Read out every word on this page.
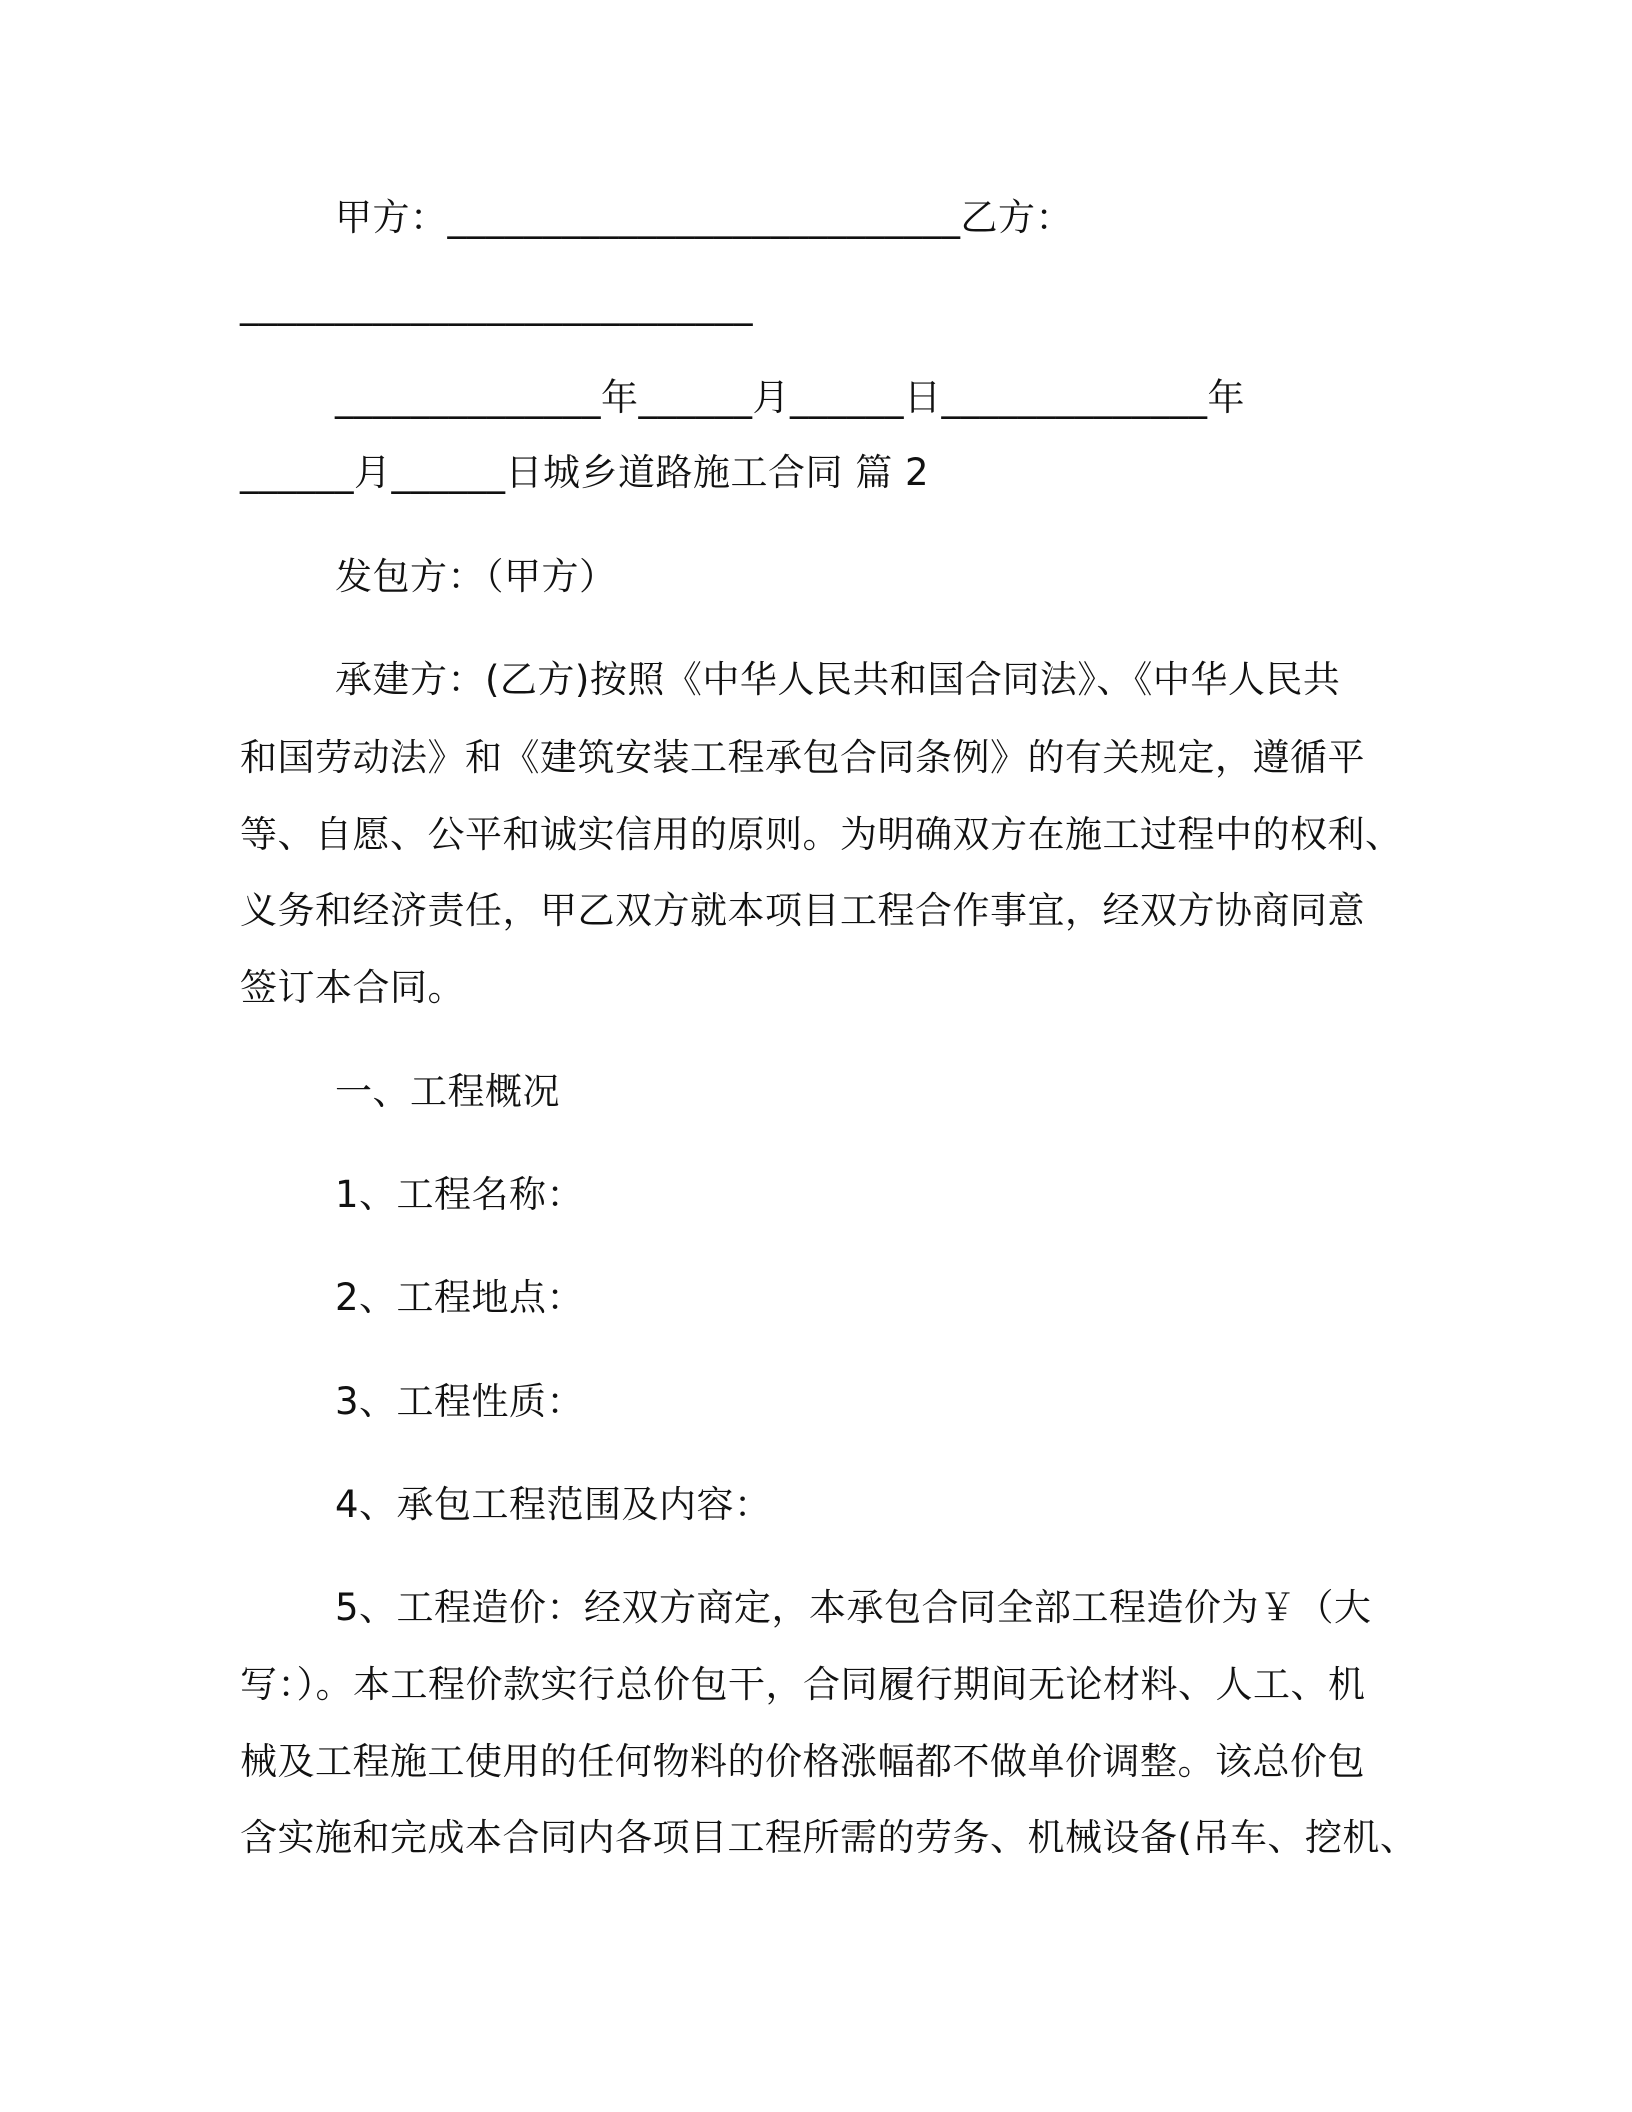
甲方：___________________________乙方：
___________________________
______________年______月______日______________年
______月______日城乡道路施工合同 篇 2
发包方：（甲方）
承建方：(乙方)按照《中华人民共和国合同法》、《中华人民共
和国劳动法》和《建筑安装工程承包合同条例》的有关规定，遵循平
等、自愿、公平和诚实信用的原则。为明确双方在施工过程中的权利、
义务和经济责任，甲乙双方就本项目工程合作事宜，经双方协商同意
签订本合同。
一、工程概况
1、工程名称：
2、工程地点：
3、工程性质：
4、承包工程范围及内容：
5、工程造价：经双方商定，本承包合同全部工程造价为￥（大
写：）。本工程价款实行总价包干，合同履行期间无论材料、人工、机
械及工程施工使用的任何物料的价格涨幅都不做单价调整。该总价包
含实施和完成本合同内各项目工程所需的劳务、机械设备(吊车、挖机、
